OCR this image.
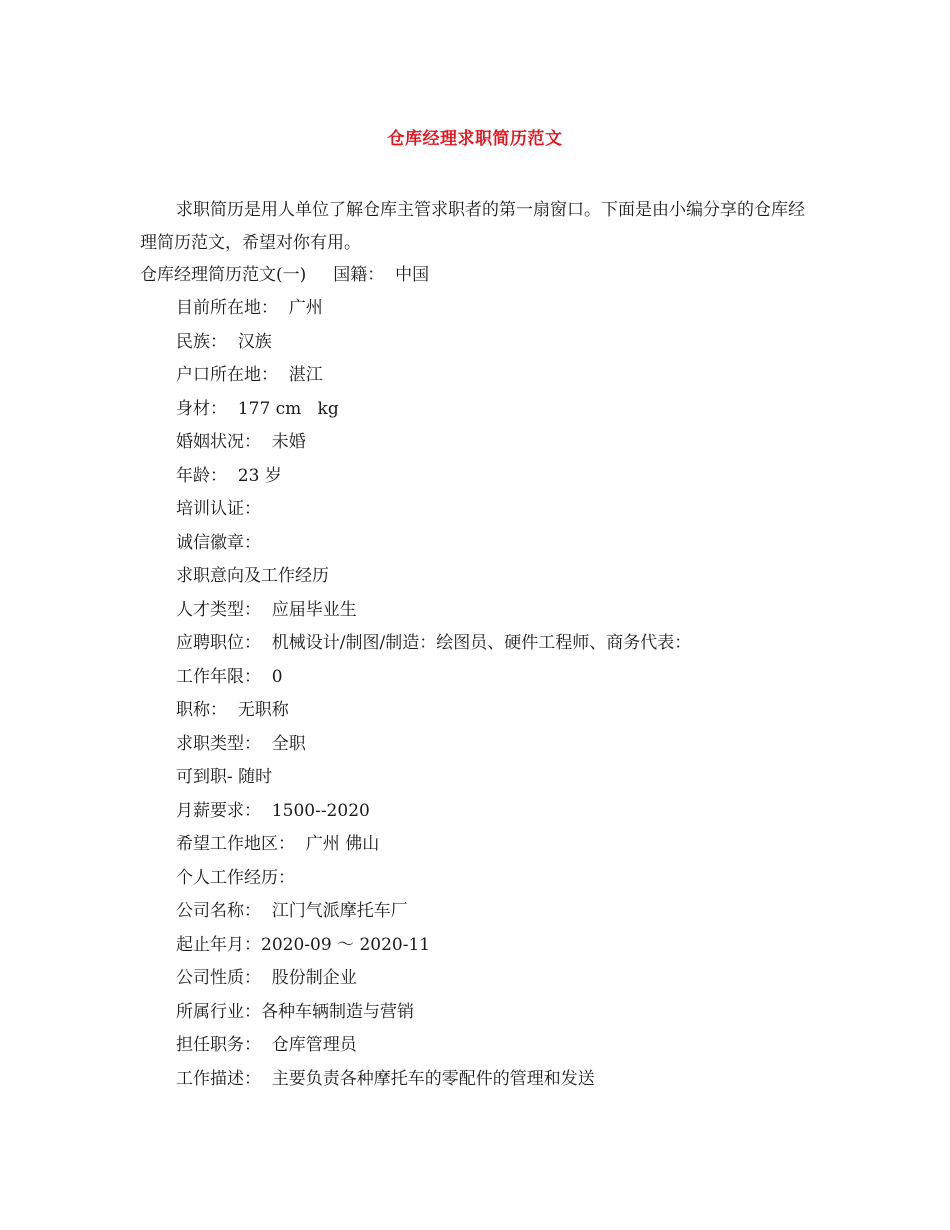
仓库经理求职简历范文
求职简历是用人单位了解仓库主管求职者的第一扇窗口。下面是由小编分享的仓库经理简历范文，希望对你有用。
仓库经理简历范文(一)     国籍：  中国
目前所在地：  广州
民族：  汉族
户口所在地：  湛江
身材：  177 cm   kg
婚姻状况：  未婚
年龄：  23 岁
培训认证：
诚信徽章：
求职意向及工作经历
人才类型：  应届毕业生
应聘职位：  机械设计/制图/制造：绘图员、硬件工程师、商务代表：
工作年限：  0
职称：  无职称
求职类型：  全职
可到职- 随时
月薪要求：  1500--2020
希望工作地区：  广州 佛山
个人工作经历：
公司名称：  江门气派摩托车厂
起止年月：2020-09 ～ 2020-11
公司性质：  股份制企业
所属行业：各种车辆制造与营销
担任职务：  仓库管理员
工作描述：  主要负责各种摩托车的零配件的管理和发送
